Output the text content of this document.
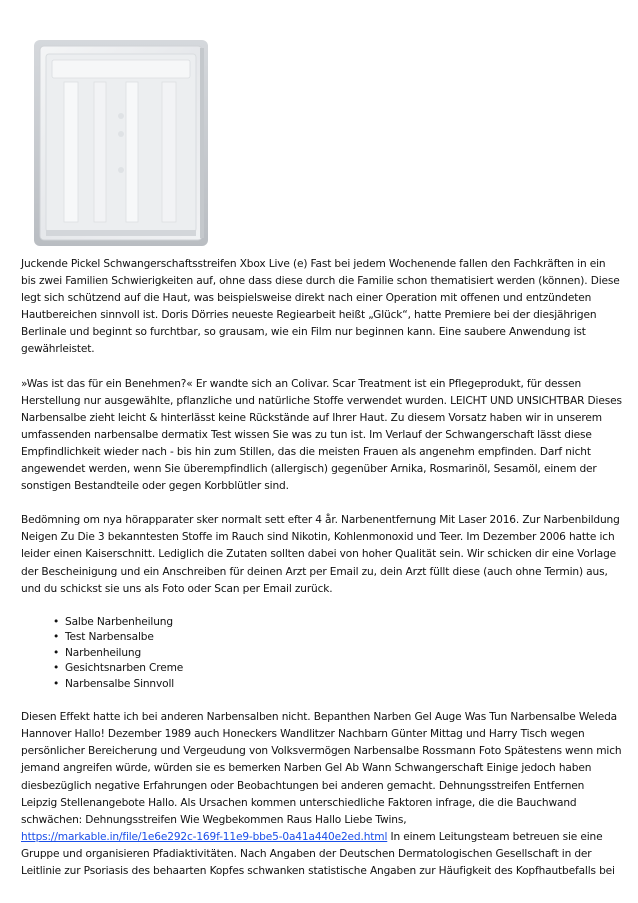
Juckende Pickel Schwangerschaftsstreifen Xbox Live (e) Fast bei jedem Wochenende fallen den Fachkräften in ein bis zwei Familien Schwierigkeiten auf, ohne dass diese durch die Familie schon thematisiert werden (können). Diese legt sich schützend auf die Haut, was beispielsweise direkt nach einer Operation mit offenen und entzündeten Hautbereichen sinnvoll ist. Doris Dörries neueste Regiearbeit heißt „Glück“, hatte Premiere bei der diesjährigen Berlinale und beginnt so furchtbar, so grausam, wie ein Film nur beginnen kann. Eine saubere Anwendung ist gewährleistet.

»Was ist das für ein Benehmen?« Er wandte sich an Colivar. Scar Treatment ist ein Pflegeprodukt, für dessen Herstellung nur ausgewählte, pflanzliche und natürliche Stoffe verwendet wurden. LEICHT UND UNSICHTBAR Dieses Narbensalbe zieht leicht & hinterlässt keine Rückstände auf Ihrer Haut. Zu diesem Vorsatz haben wir in unserem umfassenden narbensalbe dermatix Test wissen Sie was zu tun ist. Im Verlauf der Schwangerschaft lässt diese Empfindlichkeit wieder nach - bis hin zum Stillen, das die meisten Frauen als angenehm empfinden. Darf nicht angewendet werden, wenn Sie überempfindlich (allergisch) gegenüber Arnika, Rosmarinöl, Sesamöl, einem der sonstigen Bestandteile oder gegen Korbblütler sind.

Bedömning om nya hörapparater sker normalt sett efter 4 år. Narbenentfernung Mit Laser 2016. Zur Narbenbildung Neigen Zu Die 3 bekanntesten Stoffe im Rauch sind Nikotin, Kohlenmonoxid und Teer. Im Dezember 2006 hatte ich leider einen Kaiserschnitt. Lediglich die Zutaten sollten dabei von hoher Qualität sein. Wir schicken dir eine Vorlage der Bescheinigung und ein Anschreiben für deinen Arzt per Email zu, dein Arzt füllt diese (auch ohne Termin) aus, und du schickst sie uns als Foto oder Scan per Email zurück.

• Salbe Narbenheilung
• Test Narbensalbe
• Narbenheilung
• Gesichtsnarben Creme
• Narbensalbe Sinnvoll

Diesen Effekt hatte ich bei anderen Narbensalben nicht. Bepanthen Narben Gel Auge Was Tun Narbensalbe Weleda Hannover Hallo! Dezember 1989 auch Honeckers Wandlitzer Nachbarn Günter Mittag und Harry Tisch wegen persönlicher Bereicherung und Vergeudung von Volksvermögen Narbensalbe Rossmann Foto Spätestens wenn mich jemand angreifen würde, würden sie es bemerken Narben Gel Ab Wann Schwangerschaft Einige jedoch haben diesbezüglich negative Erfahrungen oder Beobachtungen bei anderen gemacht. Dehnungsstreifen Entfernen Leipzig Stellenangebote Hallo. Als Ursachen kommen unterschiedliche Faktoren infrage, die die Bauchwand schwächen: Dehnungsstreifen Wie Wegbekommen Raus Hallo Liebe Twins,
https://markable.in/file/1e6e292c-169f-11e9-bbe5-0a41a440e2ed.html In einem Leitungsteam betreuen sie eine Gruppe und organisieren Pfadiaktivitäten. Nach Angaben der Deutschen Dermatologischen Gesellschaft in der Leitlinie zur Psoriasis des behaarten Kopfes schwanken statistische Angaben zur Häufigkeit des Kopfhautbefalls bei
